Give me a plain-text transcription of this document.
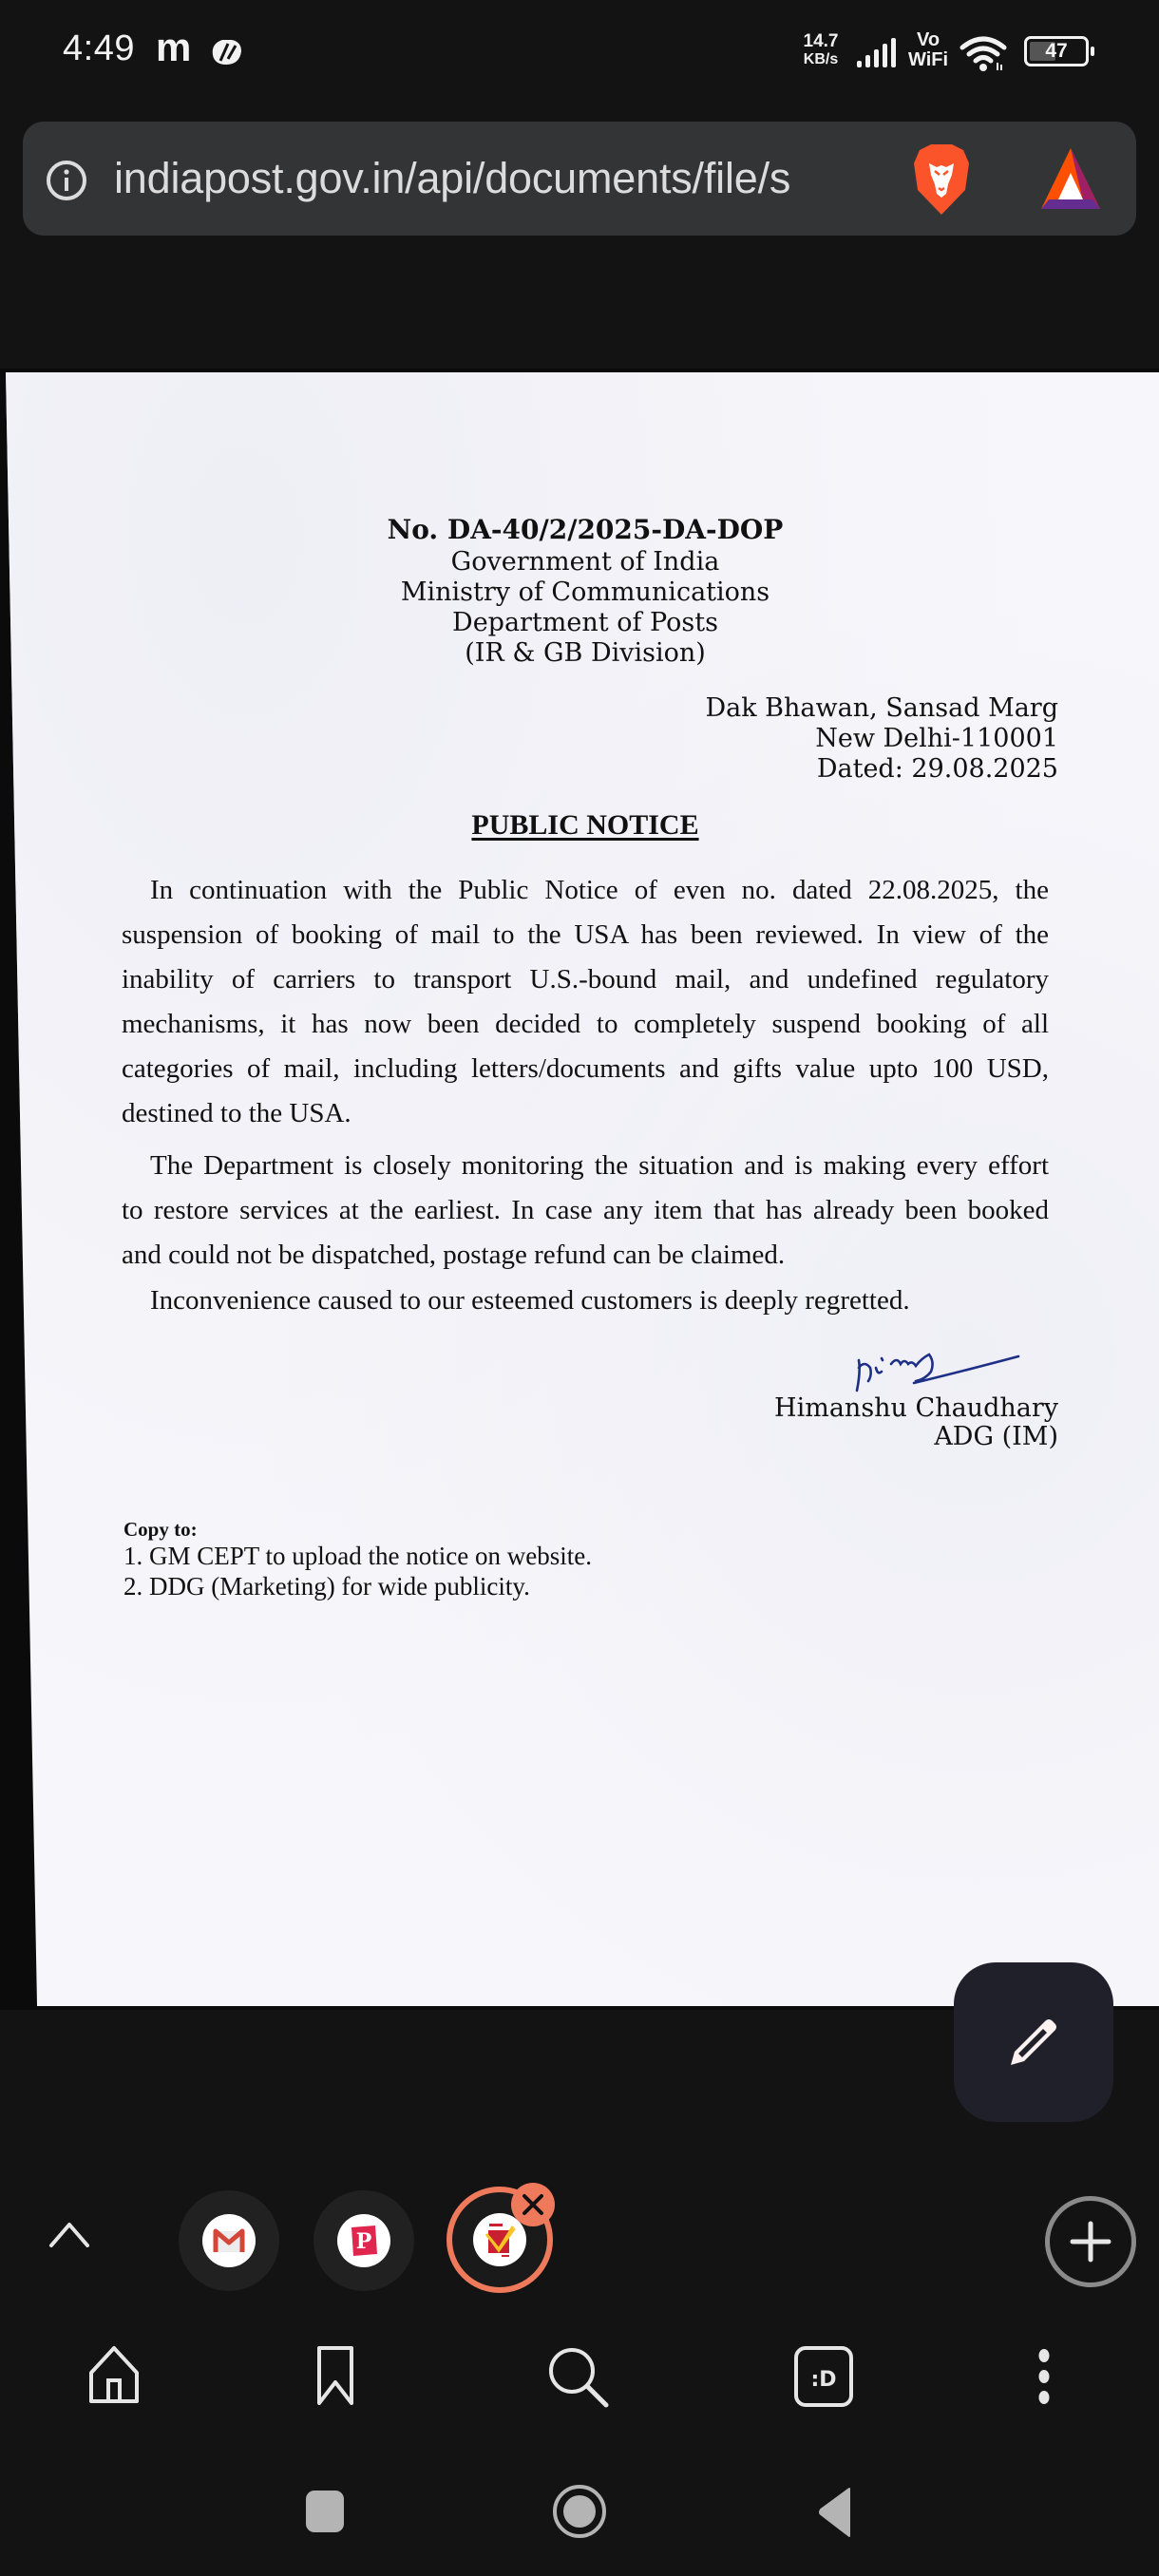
4:49 m	14.7
KB/s
Vo
WiFi	47
indiapost.gov.in/api/documents/file/s
No. DA-40/2/2025-DA-DOP
Government of India
Ministry of Communications
Department of Posts
(IR & GB Division)
Dak Bhawan, Sansad Marg
New Delhi-110001
Dated: 29.08.2025
PUBLIC NOTICE
In continuation with the Public Notice of even no. dated 22.08.2025, the
suspension of booking of mail to the USA has been reviewed. In view of the
inability of carriers to transport U.S.-bound mail, and undefined regulatory
mechanisms, it has now been decided to completely suspend booking of all
categories of mail, including letters/documents and gifts value upto 100 USD,
destined to the USA.
The Department is closely monitoring the situation and is making every effort
to restore services at the earliest. In case any item that has already been booked
and could not be dispatched, postage refund can be claimed.
Inconvenience caused to our esteemed customers is deeply regretted.
Himanshu Chaudhary
ADG (IM)
Copy to:
1. GM CEPT to upload the notice on website.
2. DDG (Marketing) for wide publicity.
P
:D
